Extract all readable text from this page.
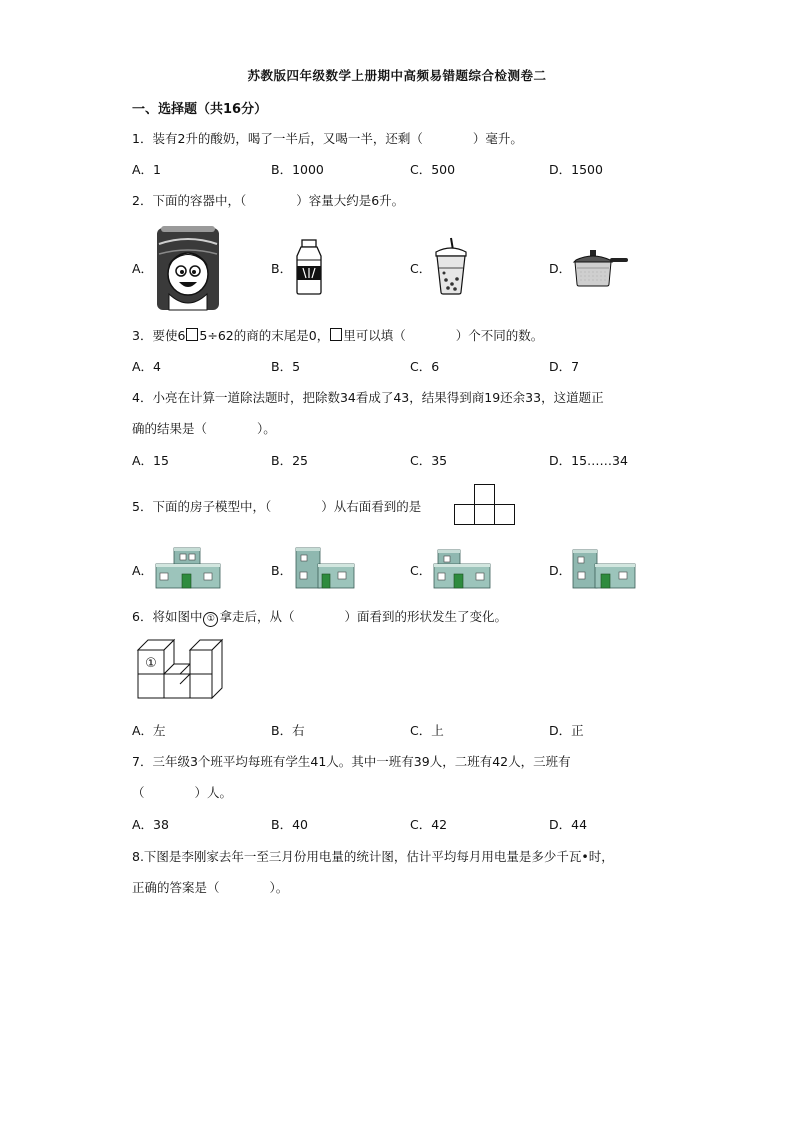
苏教版四年级数学上册期中高频易错题综合检测卷二
一、选择题（共16分）
1．装有2升的酸奶，喝了一半后，又喝一半，还剩（　　　　）毫升。
A．1	B．1000	C．500	D．1500
2．下面的容器中，（　　　　）容量大约是6升。
A．	B．	C．	D．
3．要使6 5÷62的商的末尾是0， 里可以填（　　　　）个不同的数。
A．4	B．5	C．6	D．7
4．小亮在计算一道除法题时，把除数34看成了43，结果得到商19还余33，这道题正
确的结果是（　　　　）。
A．15	B．25	C．35	D．15……34
5．下面的房子模型中，（　　　　）从右面看到的是
A．	B．	C．	D．
6．将如图中 ① 拿走后，从（　　　　）面看到的形状发生了变化。
①
A．左	B．右	C．上	D．正
7．三年级3个班平均每班有学生41人。其中一班有39人，二班有42人，三班有
（　　　　）人。
A．38	B．40	C．42	D．44
8.下图是李刚家去年一至三月份用电量的统计图，估计平均每月用电量是多少千瓦•时，
正确的答案是（　　　　）。
